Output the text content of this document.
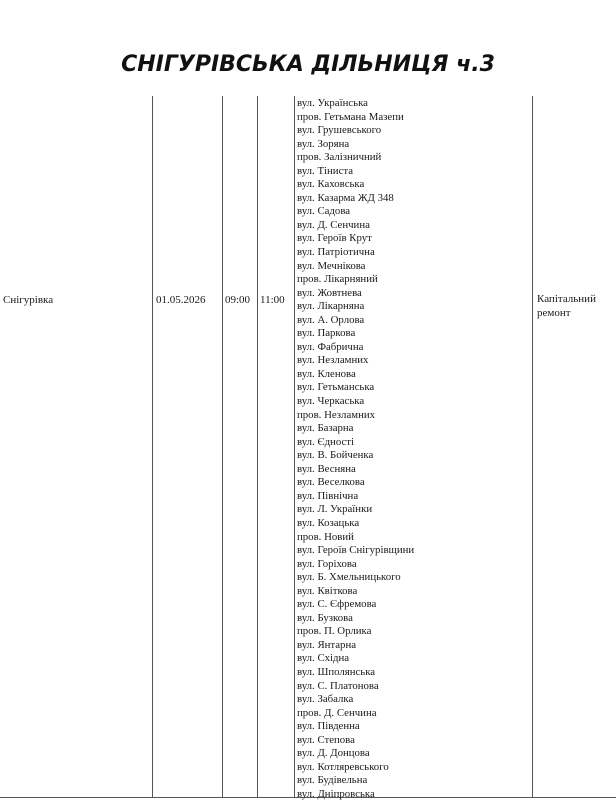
СНІГУРІВСЬКА ДІЛЬНИЦЯ ч.3
Снігурівка	01.05.2026 09:00 11:00
вул. Українська
пров. Гетьмана Мазепи
вул. Грушевського
вул. Зоряна
пров. Залізничний
вул. Тіниста
вул. Каховська
вул. Казарма ЖД 348
вул. Садова
вул. Д. Сенчина
вул. Героїв Крут
вул. Патріотична
вул. Мечнікова
пров. Лікарняний
вул. Жовтнева
вул. Лікарняна
вул. А. Орлова
вул. Паркова
вул. Фабрична
вул. Незламних
вул. Кленова
вул. Гетьманська
вул. Черкаська
пров. Незламних
вул. Базарна
вул. Єдності
вул. В. Бойченка
вул. Весняна
вул. Веселкова
вул. Північна
вул. Л. Українки
вул. Козацька
пров. Новий
вул. Героїв Снігурівщини
вул. Горіхова
вул. Б. Хмельницького
вул. Квіткова
вул. С. Єфремова
вул. Бузкова
пров. П. Орлика
вул. Янтарна
вул. Східна
вул. Шполянська
вул. С. Платонова
вул. Забалка
пров. Д. Сенчина
вул. Південна
вул. Степова
вул. Д. Донцова
вул. Котляревського
вул. Будівельна
вул. Дніпровська
Капітальний ремонт
